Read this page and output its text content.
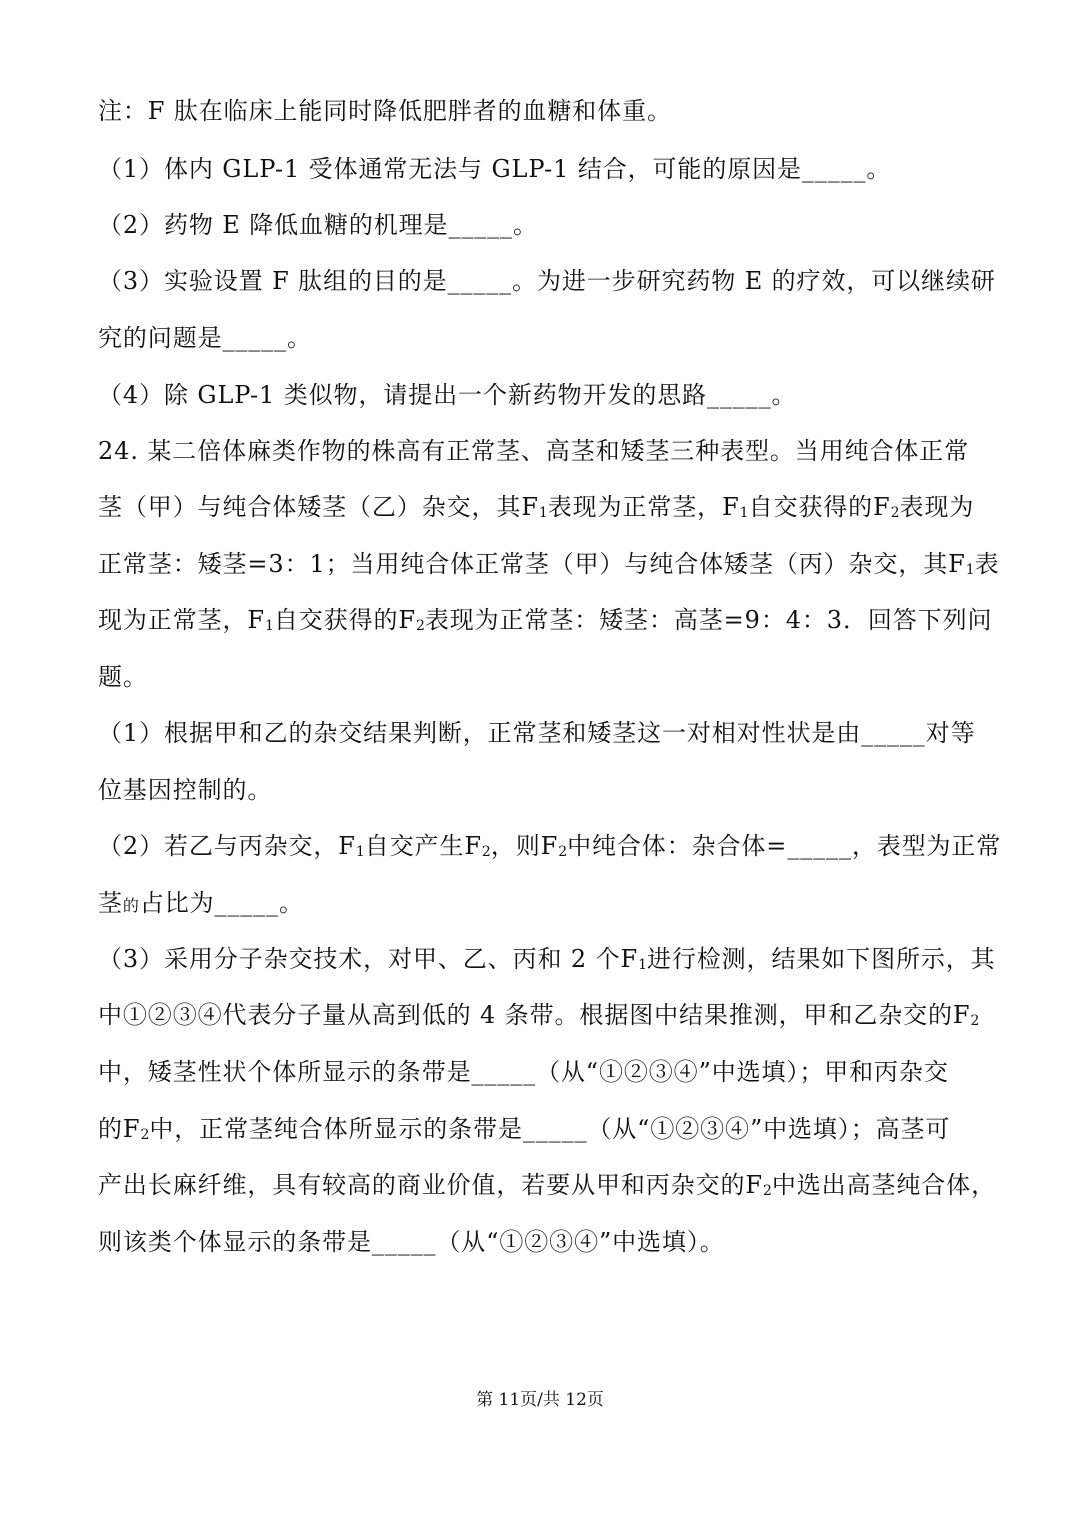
注：F 肽在临床上能同时降低肥胖者的血糖和体重。
（1）体内 GLP-1 受体通常无法与 GLP-1 结合，可能的原因是_____。
（2）药物 E 降低血糖的机理是_____。
（3）实验设置 F 肽组的目的是_____。为进一步研究药物 E 的疗效，可以继续研
究的问题是_____。
（4）除 GLP-1 类似物，请提出一个新药物开发的思路_____。
24. 某二倍体麻类作物的株高有正常茎、高茎和矮茎三种表型。当用纯合体正常
茎（甲）与纯合体矮茎（乙）杂交，其F1表现为正常茎，F1自交获得的F2表现为
正常茎：矮茎=3：1；当用纯合体正常茎（甲）与纯合体矮茎（丙）杂交，其F1表
现为正常茎，F1自交获得的F2表现为正常茎：矮茎：高茎=9：4：3．回答下列问
题。
（1）根据甲和乙的杂交结果判断，正常茎和矮茎这一对相对性状是由_____对等
位基因控制的。
（2）若乙与丙杂交，F1自交产生F2，则F2中纯合体：杂合体=_____，表型为正常
茎的占比为_____。
（3）采用分子杂交技术，对甲、乙、丙和 2 个F1进行检测，结果如下图所示，其
中①②③④代表分子量从高到低的 4 条带。根据图中结果推测，甲和乙杂交的F2
中，矮茎性状个体所显示的条带是_____（从“①②③④”中选填）；甲和丙杂交
的F2中，正常茎纯合体所显示的条带是_____（从“①②③④”中选填）；高茎可
产出长麻纤维，具有较高的商业价值，若要从甲和丙杂交的F2中选出高茎纯合体，
则该类个体显示的条带是_____（从“①②③④”中选填）。
第 11页/共 12页
